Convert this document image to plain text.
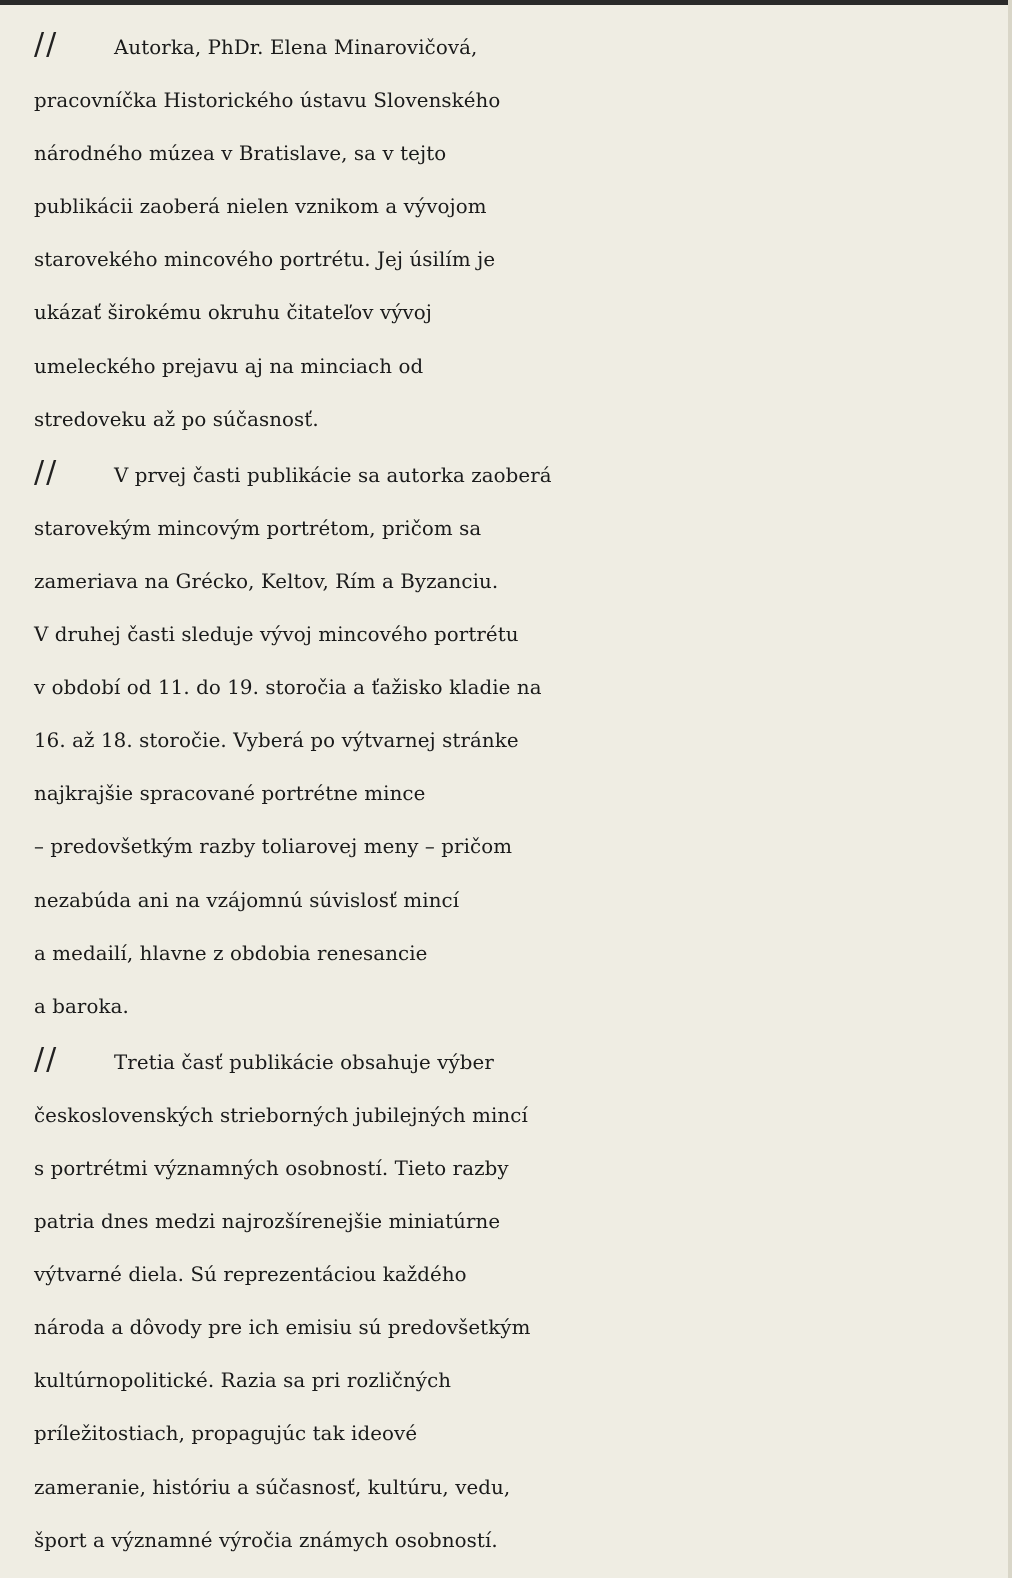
//	Autorka, PhDr. Elena Minarovičová,
pracovníčka Historického ústavu Slovenského
národného múzea v Bratislave, sa v tejto
publikácii zaoberá nielen vznikom a vývojom
starovekého mincového portrétu. Jej úsilím je
ukázať širokému okruhu čitateľov vývoj
umeleckého prejavu aj na minciach od
stredoveku až po súčasnosť.
//	V prvej časti publikácie sa autorka zaoberá
starovekým mincovým portrétom, pričom sa
zameriava na Grécko, Keltov, Rím a Byzanciu.
V druhej časti sleduje vývoj mincového portrétu
v období od 11. do 19. storočia a ťažisko kladie na
16. až 18. storočie. Vyberá po výtvarnej stránke
najkrajšie spracované portrétne mince
– predovšetkým razby toliarovej meny – pričom
nezabúda ani na vzájomnú súvislosť mincí
a medailí, hlavne z obdobia renesancie
a baroka.
//	Tretia časť publikácie obsahuje výber
československých strieborných jubilejných mincí
s portrétmi významných osobností. Tieto razby
patria dnes medzi najrozšírenejšie miniatúrne
výtvarné diela. Sú reprezentáciou každého
národa a dôvody pre ich emisiu sú predovšetkým
kultúrnopolitické. Razia sa pri rozličných
príležitostiach, propagujúc tak ideové
zameranie, históriu a súčasnosť, kultúru, vedu,
šport a významné výročia známych osobností.
